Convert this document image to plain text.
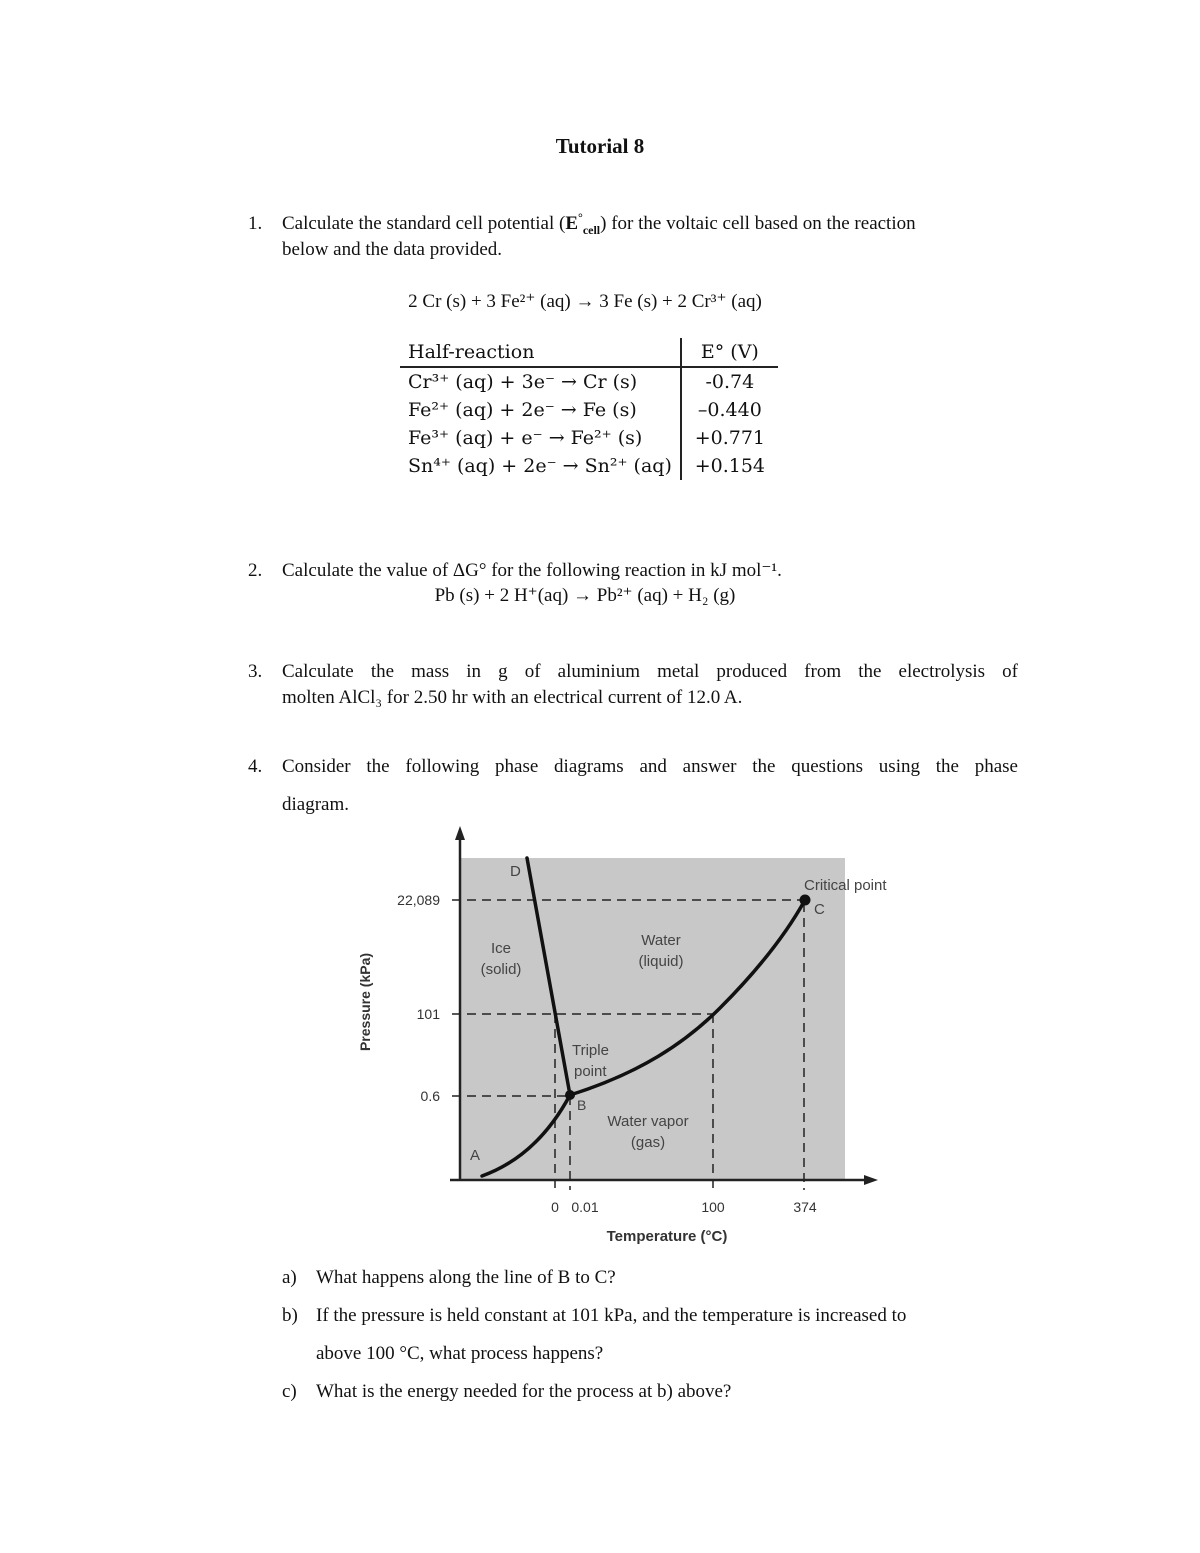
Tutorial 8
1. Calculate the standard cell potential $(E^\circ_{cell})$ for the voltaic cell based on the reaction
below and the data provided.
2 Cr (s) + 3 Fe²⁺ (aq) → 3 Fe (s) + 2 Cr³⁺ (aq)
Half-reaction	E° (V)
Cr³⁺ (aq) + 3e⁻ → Cr (s)	-0.74
Fe²⁺ (aq) + 2e⁻ → Fe (s)	–0.440
Fe³⁺ (aq) + e⁻ → Fe²⁺ (s)	+0.771
Sn⁴⁺ (aq) + 2e⁻ → Sn²⁺ (aq)	+0.154
2. Calculate the value of ΔG° for the following reaction in kJ mol⁻¹.
Pb (s) + 2 H⁺(aq) → Pb²⁺ (aq) + H₂ (g)
3. Calculate the mass in g of aluminium metal produced from the electrolysis of
molten AlCl₃ for 2.50 hr with an electrical current of 12.0 A.
4. Consider the following phase diagrams and answer the questions using the phase
diagram.
22,089
101
0.6
0 0.01	100	374
Pressure (kPa)
Temperature (°C)
Ice
(solid)
Water
(liquid)
Water vapor
(gas)
A
B
C
D
Triple
point
Critical point
a) What happens along the line of B to C?
b) If the pressure is held constant at 101 kPa, and the temperature is increased to
above 100 °C, what process happens?
c) What is the energy needed for the process at b) above?
